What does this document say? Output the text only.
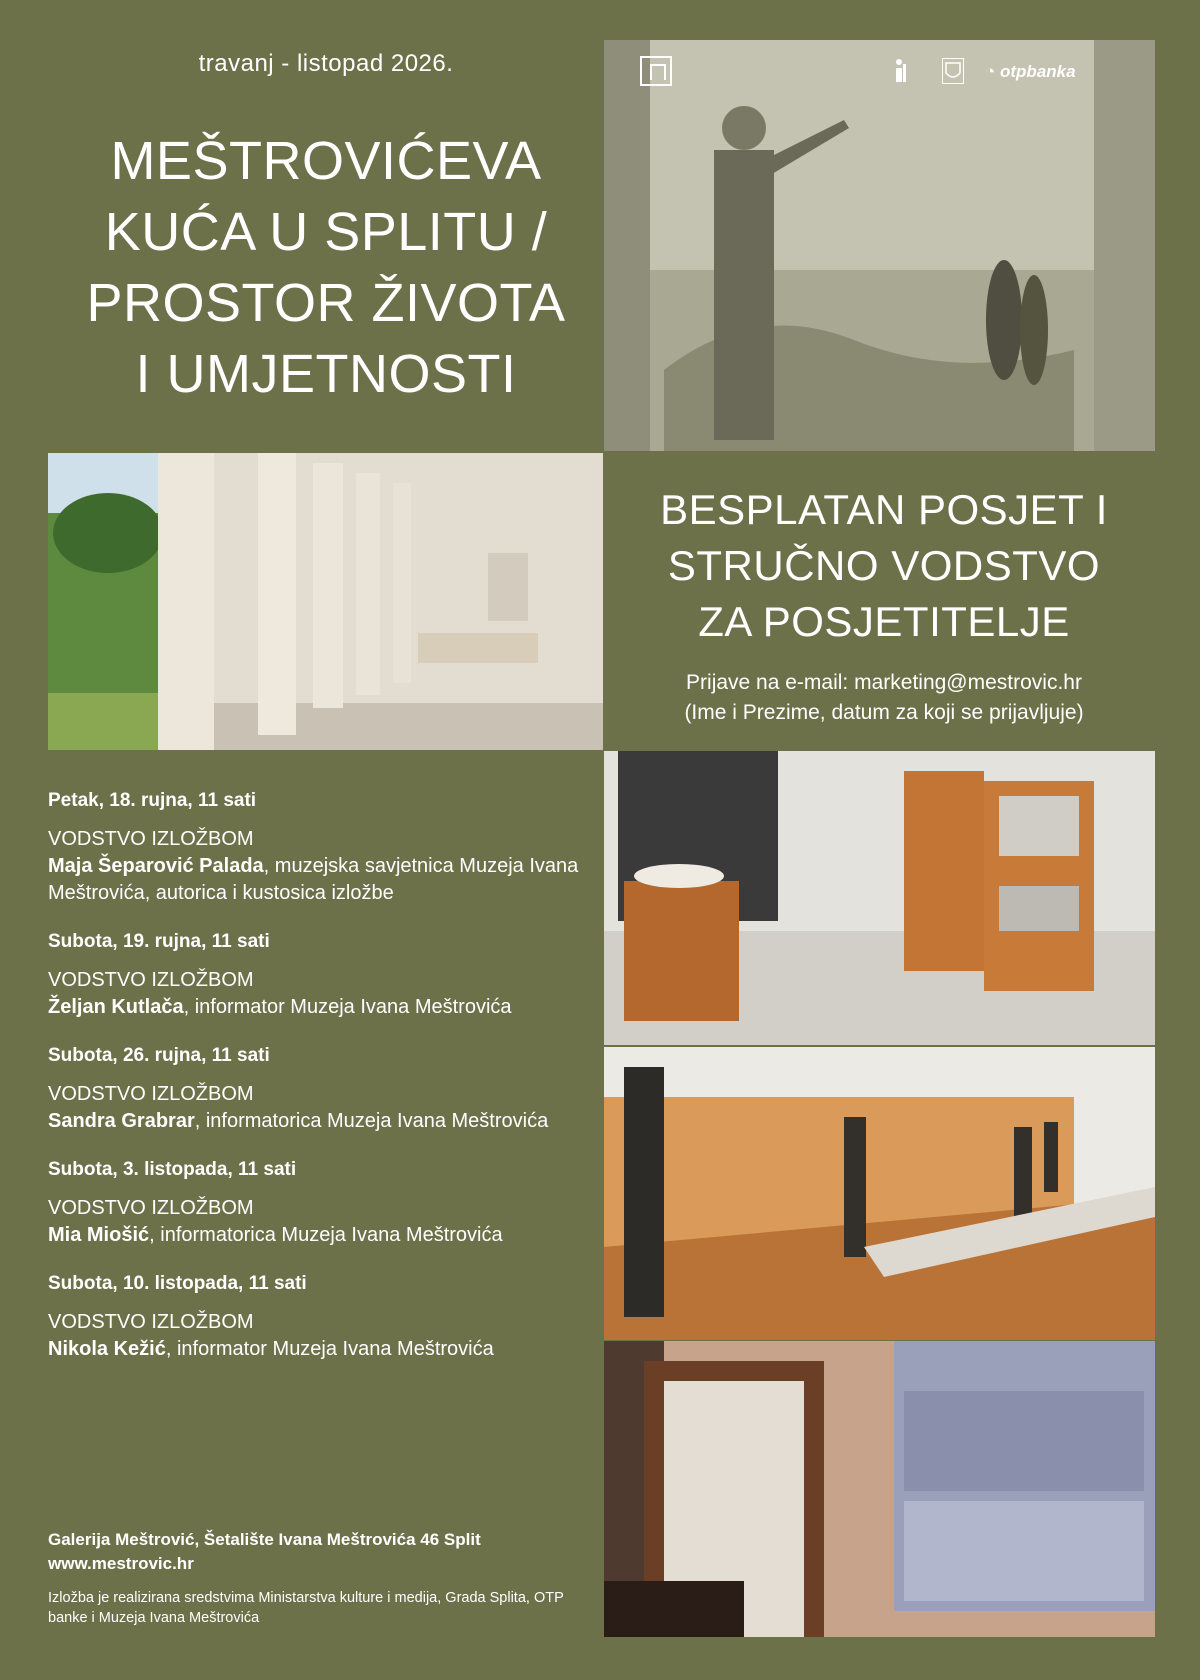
travanj - listopad 2026.
MEŠTROVIĆEVA
KUĆA U SPLITU /
PROSTOR ŽIVOTA
I UMJETNOSTI
◔ otpbanka
BESPLATAN POSJET I
STRUČNO VODSTVO
ZA POSJETITELJE
Prijave na e-mail: marketing@mestrovic.hr
(Ime i Prezime, datum za koji se prijavljuje)

Petak, 18. rujna, 11 sati

VODSTVO IZLOŽBOM
Maja Šeparović Palada, muzejska savjetnica Muzeja Ivana Meštrovića, autorica i kustosica izložbe

Subota, 19. rujna, 11 sati

VODSTVO IZLOŽBOM
Željan Kutlača, informator Muzeja Ivana Meštrovića

Subota, 26. rujna, 11 sati

VODSTVO IZLOŽBOM
Sandra Grabrar, informatorica Muzeja Ivana Meštrovića

Subota, 3. listopada, 11 sati

VODSTVO IZLOŽBOM
Mia Miošić, informatorica Muzeja Ivana Meštrovića

Subota, 10. listopada, 11 sati

VODSTVO IZLOŽBOM
Nikola Kežić, informator Muzeja Ivana Meštrovića
Galerija Meštrović, Šetalište Ivana Meštrovića 46 Split
www.mestrovic.hr
Izložba je realizirana sredstvima Ministarstva kulture i medija, Grada Splita, OTP banke i Muzeja Ivana Meštrovića
